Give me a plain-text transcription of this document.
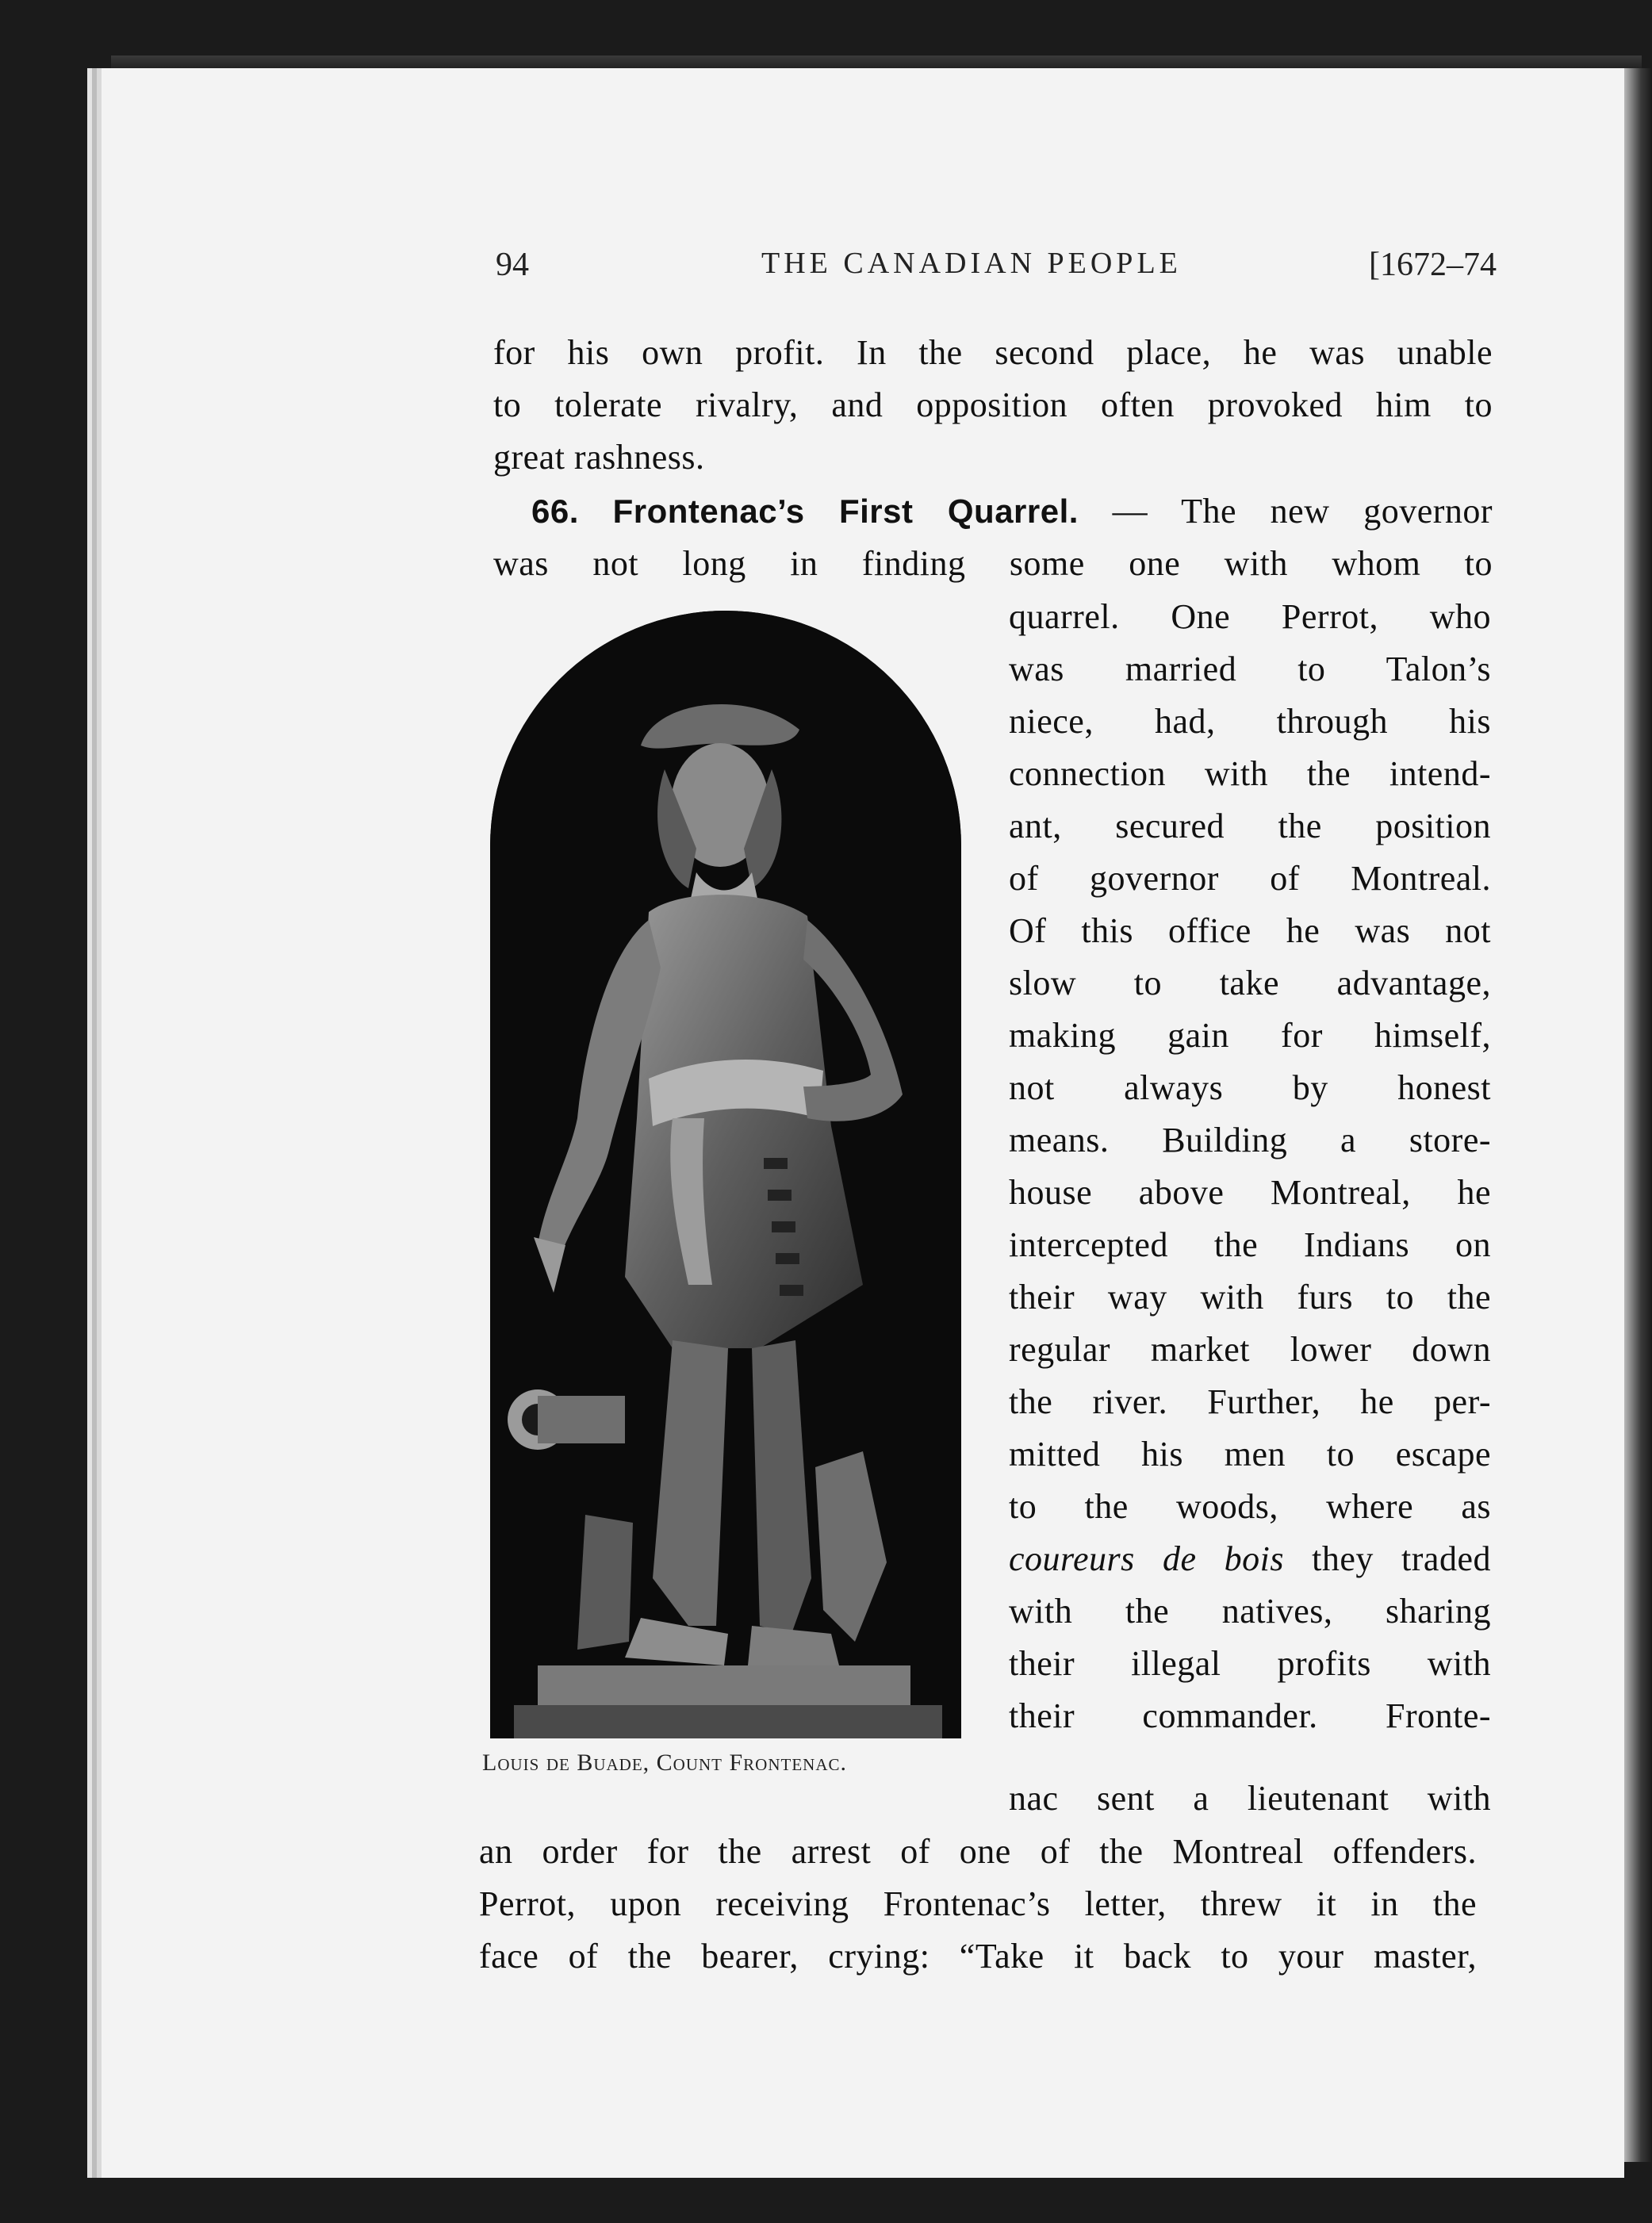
94	THE CANADIAN PEOPLE	[1672–74
for his own profit. In the second place, he was unable
to tolerate rivalry, and opposition often provoked him to
great rashness.
66. Frontenac’s First Quarrel. — The new governor
was not long in finding some one with whom to
quarrel. One Perrot, who
was married to Talon’s
niece, had, through his
connection with the intend-
ant, secured the position
of governor of Montreal.
Of this office he was not
slow to take advantage,
making gain for himself,
not always by honest
means. Building a store-
house above Montreal, he
intercepted the Indians on
their way with furs to the
regular market lower down
the river. Further, he per-
mitted his men to escape
to the woods, where as
coureurs de bois they traded
with the natives, sharing
their illegal profits with
their commander. Fronte-
nac sent a lieutenant with
an order for the arrest of one of the Montreal offenders.
Perrot, upon receiving Frontenac’s letter, threw it in the
face of the bearer, crying: “Take it back to your master,
Louis de Buade, Count Frontenac.
